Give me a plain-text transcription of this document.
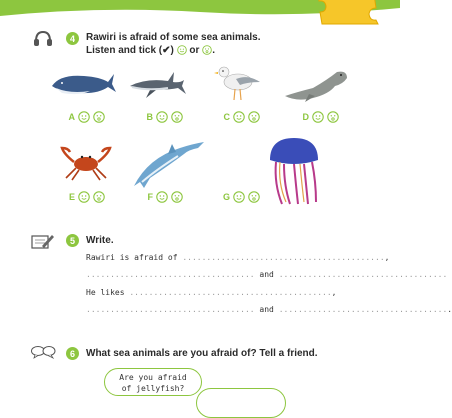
4	Rawiri is afraid of some sea animals.
Listen and tick (✔) or .
A	B	C	D
E	F	G
5	Write.
Rawiri is afraid of ..........................................,
................................... and ...................................
He likes ..........................................,
................................... and ....................................
6	What sea animals are you afraid of? Tell a friend.
Are you afraid
of jellyfish?
